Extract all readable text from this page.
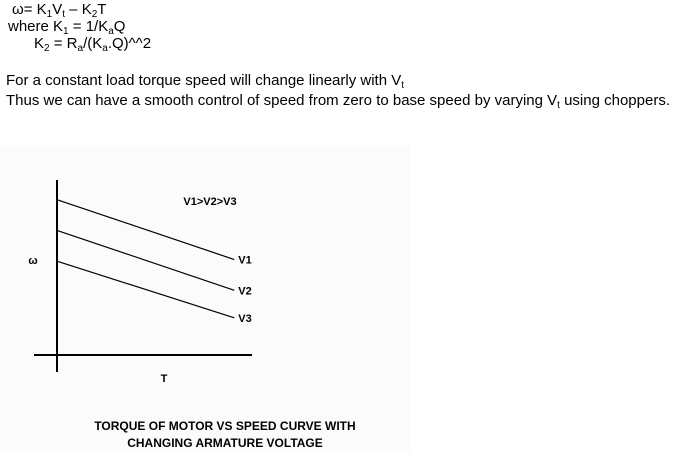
$\omega= K_1V_t - K_2T$
where $K_1 = 1/K_aQ$
$K_2$ = $R_a/(K_a.Q)\^{}\^{}2$
For a constant load torque speed will change linearly with $V_t$
Thus we can have a smooth control of speed from zero to base speed by varying $V_t$ using choppers.
V1
V2
V3
ω
T
V1>V2>V3
TORQUE OF MOTOR VS SPEED CURVE WITH
CHANGING ARMATURE VOLTAGE
